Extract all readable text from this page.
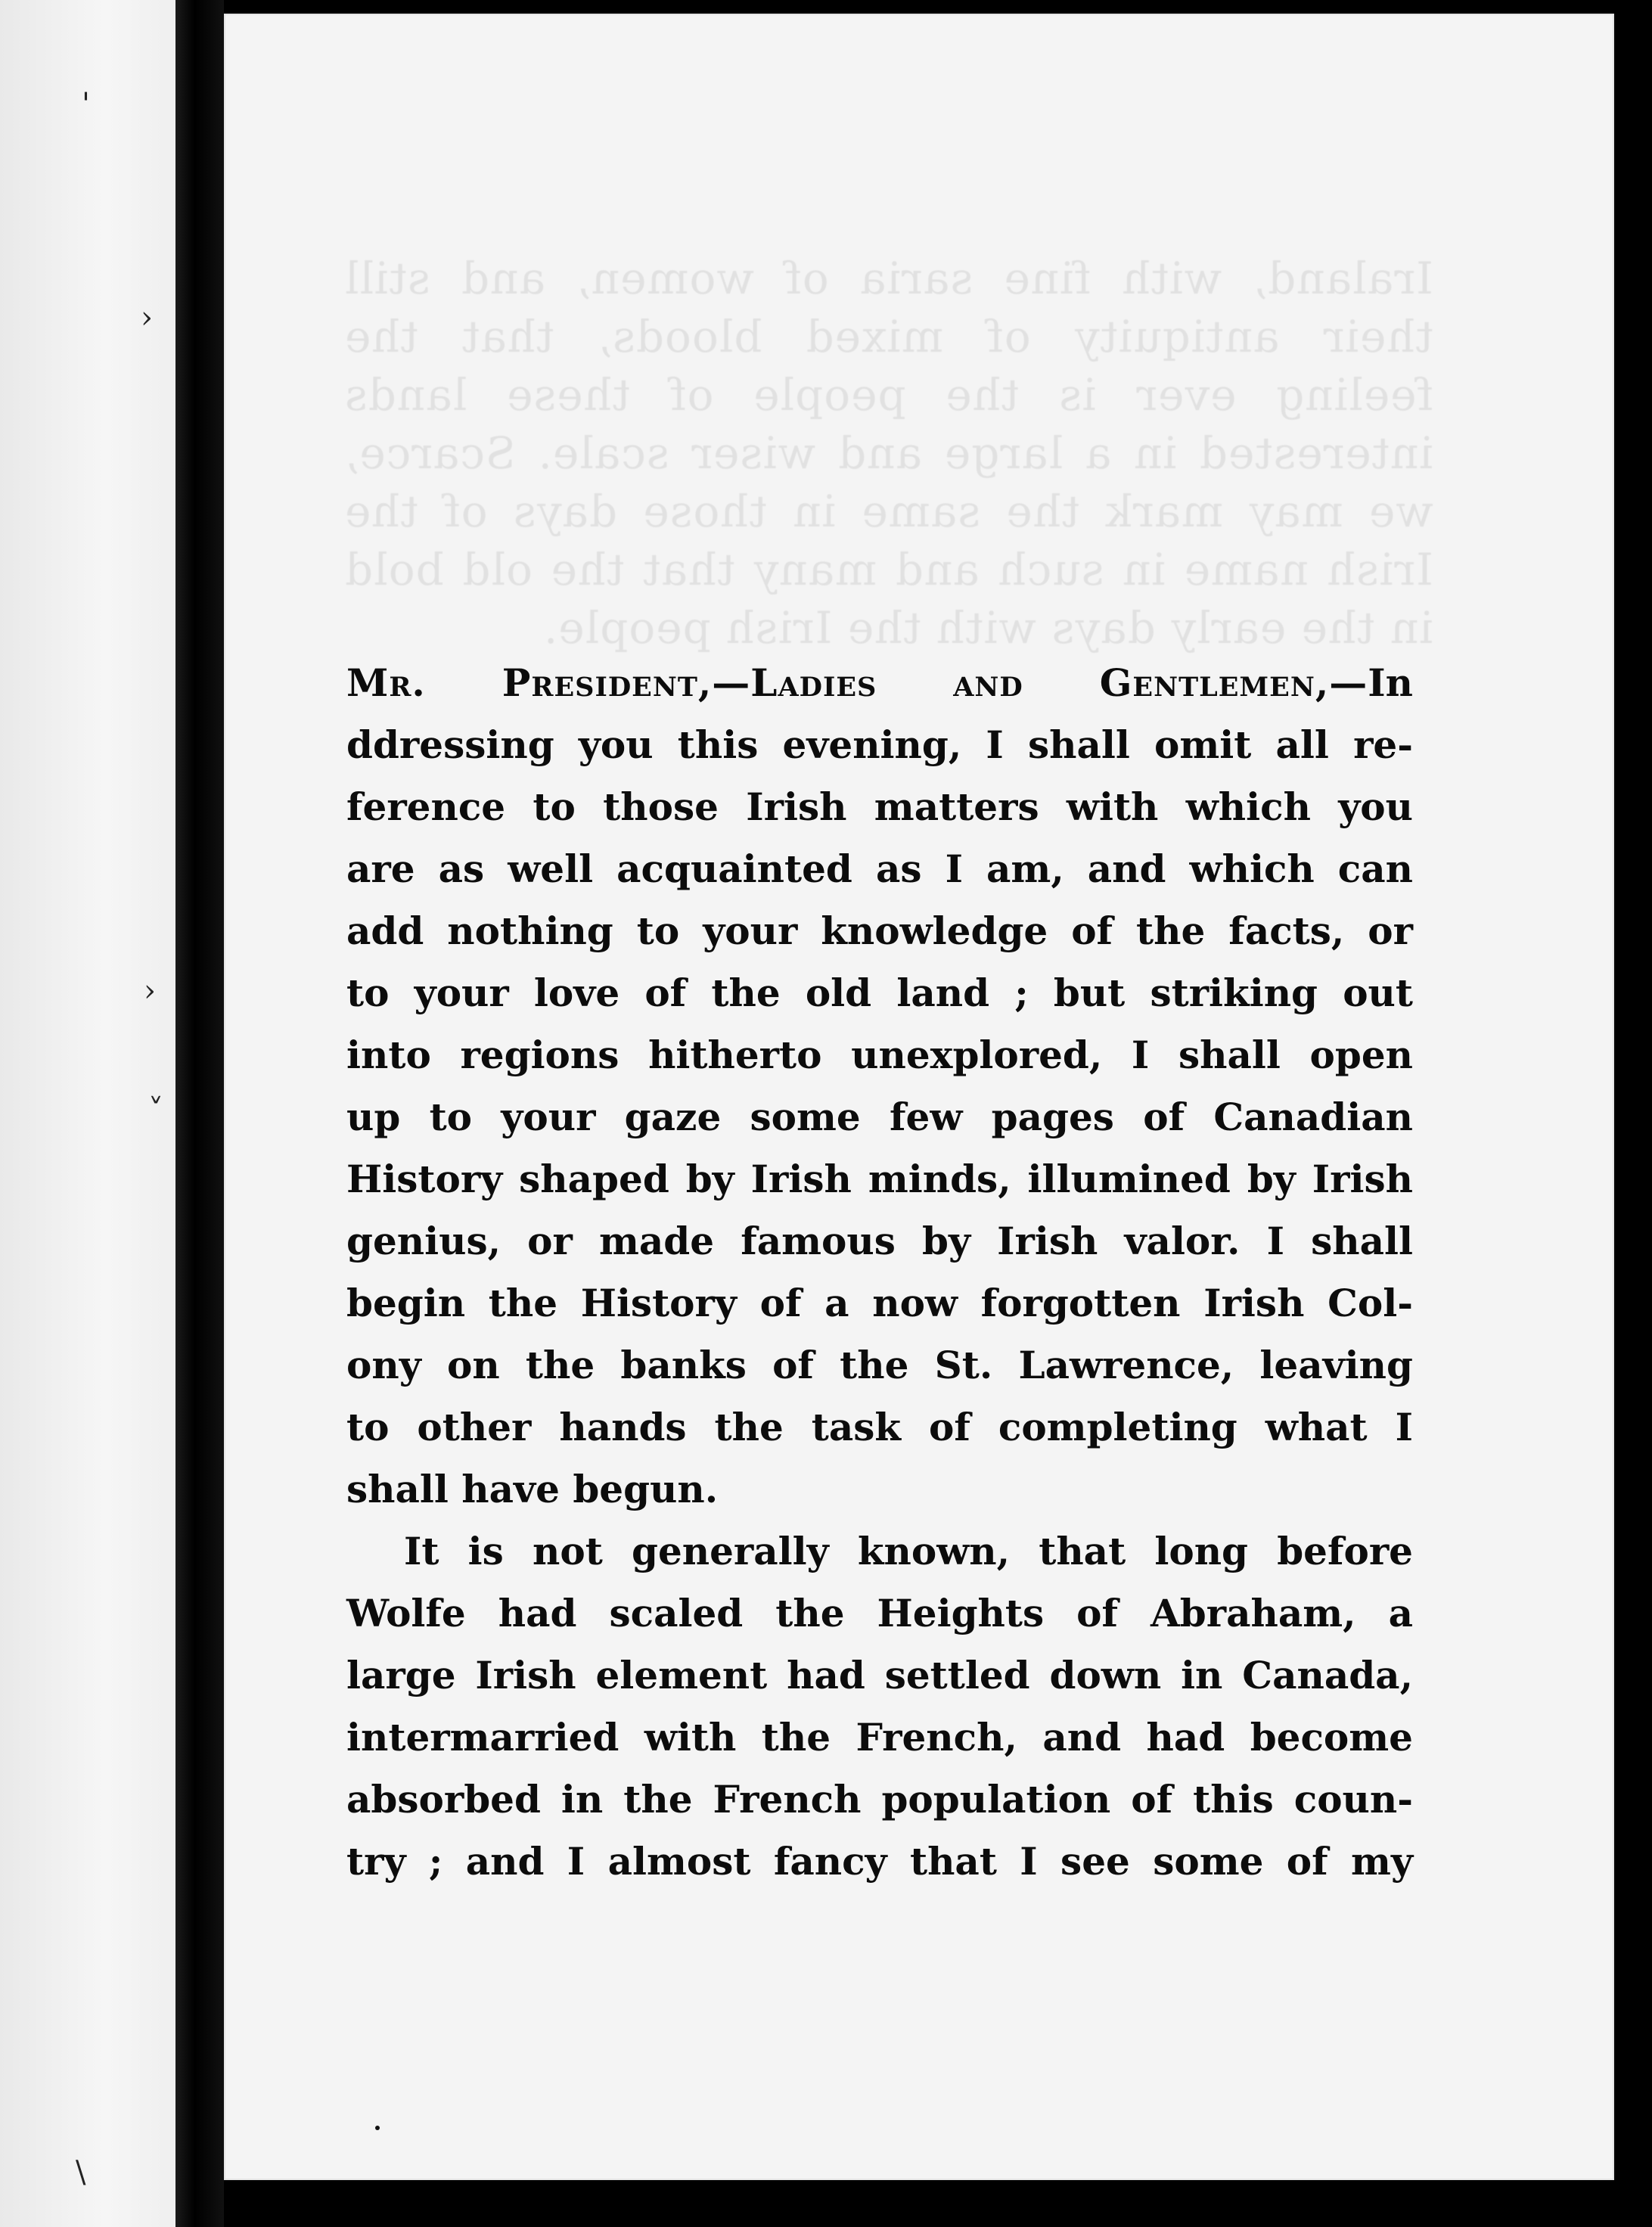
'
›
›
˅
\
Iraland, with fine saria of women, and still their antiquity of mixed bloods, that the feeling ever is the people of these lands interested in a large and wiser scale. Scarce, we may mark the same in those days of the Irish name in such and many that the old bold in the early days with the Irish people.
Mr. President,—Ladies and Gentlemen,—In
ddressing you this evening, I shall omit all re-
ference to those Irish matters with which you
are as well acquainted as I am, and which can
add nothing to your knowledge of the facts, or
to your love of the old land ; but striking out
into regions hitherto unexplored, I shall open
up to your gaze some few pages of Canadian
History shaped by Irish minds, illumined by Irish
genius, or made famous by Irish valor. I shall
begin the History of a now forgotten Irish Col-
ony on the banks of the St. Lawrence, leaving
to other hands the task of completing what I
shall have begun.
It is not generally known, that long before
Wolfe had scaled the Heights of Abraham, a
large Irish element had settled down in Canada,
intermarried with the French, and had become
absorbed in the French population of this coun-
try ; and I almost fancy that I see some of my
